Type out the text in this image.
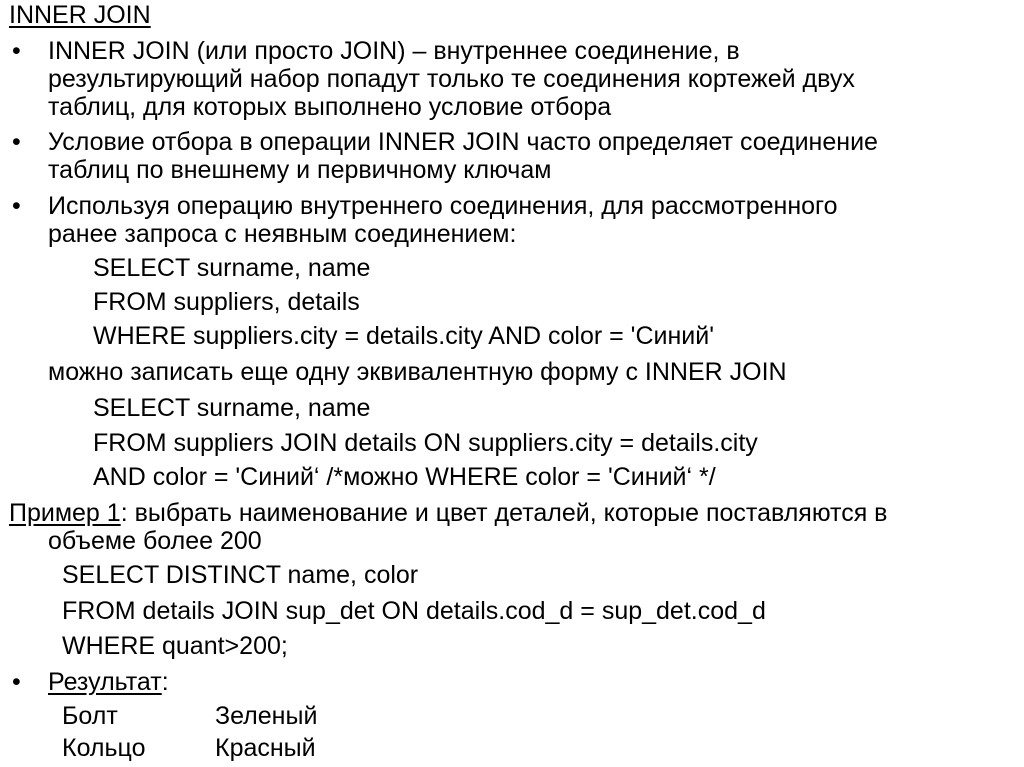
INNER JOIN
• INNER JOIN (или просто JOIN) – внутреннее соединение, в
результирующий набор попадут только те соединения кортежей двух
таблиц, для которых выполнено условие отбора
• Условие отбора в операции INNER JOIN часто определяет соединение
таблиц по внешнему и первичному ключам
• Используя операцию внутреннего соединения, для рассмотренного
ранее запроса с неявным соединением:
SELECT surname, name
FROM suppliers, details
WHERE suppliers.city = details.city AND color = 'Синий'
можно записать еще одну эквивалентную форму с INNER JOIN
SELECT surname, name
FROM suppliers JOIN details ON suppliers.city = details.city
AND color = 'Синий‘ /*можно WHERE color = 'Синий‘ */
Пример 1: выбрать наименование и цвет деталей, которые поставляются в
объеме более 200
SELECT DISTINCT name, color
FROM details JOIN sup_det ON details.cod_d = sup_det.cod_d
WHERE quant>200;
• Результат:
Болт	Зеленый
Кольцо	Красный
